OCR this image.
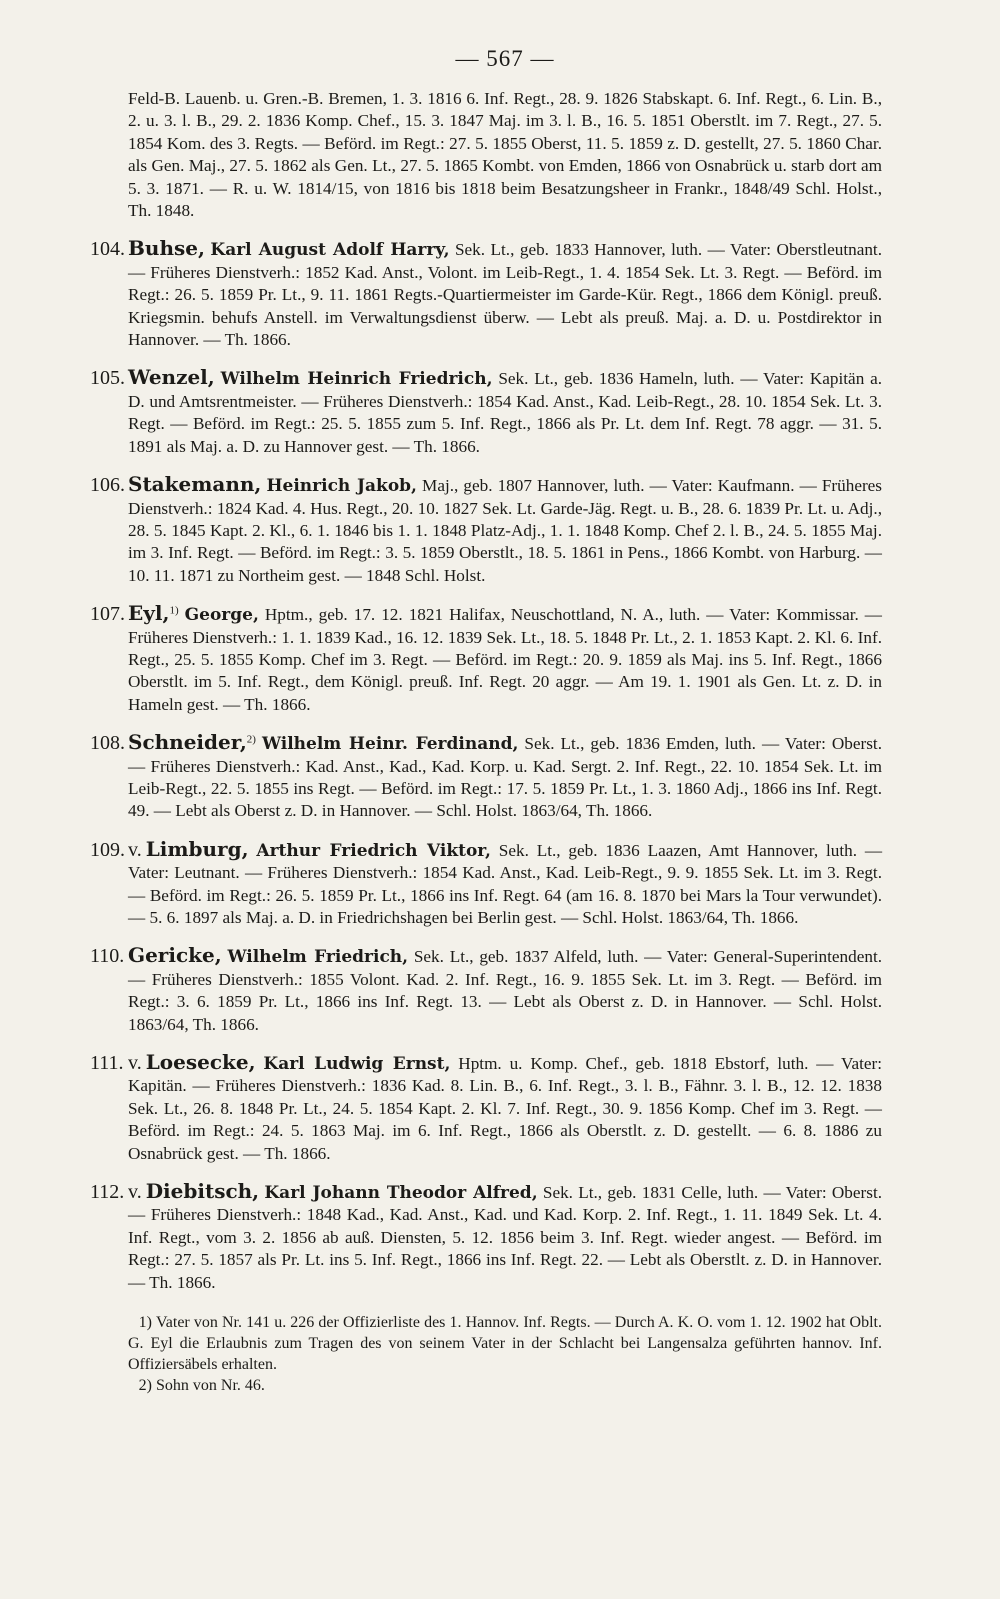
— 567 —

Feld-B. Lauenb. u. Gren.-B. Bremen, 1. 3. 1816 6. Inf. Regt., 28. 9. 1826 Stabskapt. 6. Inf. Regt., 6. Lin. B., 2. u. 3. l. B., 29. 2. 1836 Komp. Chef., 15. 3. 1847 Maj. im 3. l. B., 16. 5. 1851 Oberstlt. im 7. Regt., 27. 5. 1854 Kom. des 3. Regts. — Beförd. im Regt.: 27. 5. 1855 Oberst, 11. 5. 1859 z. D. gestellt, 27. 5. 1860 Char. als Gen. Maj., 27. 5. 1862 als Gen. Lt., 27. 5. 1865 Kombt. von Emden, 1866 von Osnabrück u. starb dort am 5. 3. 1871. — R. u. W. 1814/15, von 1816 bis 1818 beim Besatzungsheer in Frankr., 1848/49 Schl. Holst., Th. 1848.

104. Buhse, Karl August Adolf Harry, Sek. Lt., geb. 1833 Hannover, luth. — Vater: Oberstleutnant. — Früheres Dienstverh.: 1852 Kad. Anst., Volont. im Leib-Regt., 1. 4. 1854 Sek. Lt. 3. Regt. — Beförd. im Regt.: 26. 5. 1859 Pr. Lt., 9. 11. 1861 Regts.-Quartiermeister im Garde-Kür. Regt., 1866 dem Königl. preuß. Kriegsmin. behufs Anstell. im Verwaltungsdienst überw. — Lebt als preuß. Maj. a. D. u. Postdirektor in Hannover. — Th. 1866.

105. Wenzel, Wilhelm Heinrich Friedrich, Sek. Lt., geb. 1836 Hameln, luth. — Vater: Kapitän a. D. und Amtsrentmeister. — Früheres Dienstverh.: 1854 Kad. Anst., Kad. Leib-Regt., 28. 10. 1854 Sek. Lt. 3. Regt. — Beförd. im Regt.: 25. 5. 1855 zum 5. Inf. Regt., 1866 als Pr. Lt. dem Inf. Regt. 78 aggr. — 31. 5. 1891 als Maj. a. D. zu Hannover gest. — Th. 1866.

106. Stakemann, Heinrich Jakob, Maj., geb. 1807 Hannover, luth. — Vater: Kaufmann. — Früheres Dienstverh.: 1824 Kad. 4. Hus. Regt., 20. 10. 1827 Sek. Lt. Garde-Jäg. Regt. u. B., 28. 6. 1839 Pr. Lt. u. Adj., 28. 5. 1845 Kapt. 2. Kl., 6. 1. 1846 bis 1. 1. 1848 Platz-Adj., 1. 1. 1848 Komp. Chef 2. l. B., 24. 5. 1855 Maj. im 3. Inf. Regt. — Beförd. im Regt.: 3. 5. 1859 Oberstlt., 18. 5. 1861 in Pens., 1866 Kombt. von Harburg. — 10. 11. 1871 zu Northeim gest. — 1848 Schl. Holst.

107. Eyl,$^{1)}$ George, Hptm., geb. 17. 12. 1821 Halifax, Neuschottland, N. A., luth. — Vater: Kommissar. — Früheres Dienstverh.: 1. 1. 1839 Kad., 16. 12. 1839 Sek. Lt., 18. 5. 1848 Pr. Lt., 2. 1. 1853 Kapt. 2. Kl. 6. Inf. Regt., 25. 5. 1855 Komp. Chef im 3. Regt. — Beförd. im Regt.: 20. 9. 1859 als Maj. ins 5. Inf. Regt., 1866 Oberstlt. im 5. Inf. Regt., dem Königl. preuß. Inf. Regt. 20 aggr. — Am 19. 1. 1901 als Gen. Lt. z. D. in Hameln gest. — Th. 1866.

108. Schneider,$^{2)}$ Wilhelm Heinr. Ferdinand, Sek. Lt., geb. 1836 Emden, luth. — Vater: Oberst. — Früheres Dienstverh.: Kad. Anst., Kad., Kad. Korp. u. Kad. Sergt. 2. Inf. Regt., 22. 10. 1854 Sek. Lt. im Leib-Regt., 22. 5. 1855 ins Regt. — Beförd. im Regt.: 17. 5. 1859 Pr. Lt., 1. 3. 1860 Adj., 1866 ins Inf. Regt. 49. — Lebt als Oberst z. D. in Hannover. — Schl. Holst. 1863/64, Th. 1866.

109. v. Limburg, Arthur Friedrich Viktor, Sek. Lt., geb. 1836 Laazen, Amt Hannover, luth. — Vater: Leutnant. — Früheres Dienstverh.: 1854 Kad. Anst., Kad. Leib-Regt., 9. 9. 1855 Sek. Lt. im 3. Regt. — Beförd. im Regt.: 26. 5. 1859 Pr. Lt., 1866 ins Inf. Regt. 64 (am 16. 8. 1870 bei Mars la Tour verwundet). — 5. 6. 1897 als Maj. a. D. in Friedrichshagen bei Berlin gest. — Schl. Holst. 1863/64, Th. 1866.

110. Gericke, Wilhelm Friedrich, Sek. Lt., geb. 1837 Alfeld, luth. — Vater: General-Superintendent. — Früheres Dienstverh.: 1855 Volont. Kad. 2. Inf. Regt., 16. 9. 1855 Sek. Lt. im 3. Regt. — Beförd. im Regt.: 3. 6. 1859 Pr. Lt., 1866 ins Inf. Regt. 13. — Lebt als Oberst z. D. in Hannover. — Schl. Holst. 1863/64, Th. 1866.

111. v. Loesecke, Karl Ludwig Ernst, Hptm. u. Komp. Chef., geb. 1818 Ebstorf, luth. — Vater: Kapitän. — Früheres Dienstverh.: 1836 Kad. 8. Lin. B., 6. Inf. Regt., 3. l. B., Fähnr. 3. l. B., 12. 12. 1838 Sek. Lt., 26. 8. 1848 Pr. Lt., 24. 5. 1854 Kapt. 2. Kl. 7. Inf. Regt., 30. 9. 1856 Komp. Chef im 3. Regt. — Beförd. im Regt.: 24. 5. 1863 Maj. im 6. Inf. Regt., 1866 als Oberstlt. z. D. gestellt. — 6. 8. 1886 zu Osnabrück gest. — Th. 1866.

112. v. Diebitsch, Karl Johann Theodor Alfred, Sek. Lt., geb. 1831 Celle, luth. — Vater: Oberst. — Früheres Dienstverh.: 1848 Kad., Kad. Anst., Kad. und Kad. Korp. 2. Inf. Regt., 1. 11. 1849 Sek. Lt. 4. Inf. Regt., vom 3. 2. 1856 ab auß. Diensten, 5. 12. 1856 beim 3. Inf. Regt. wieder angest. — Beförd. im Regt.: 27. 5. 1857 als Pr. Lt. ins 5. Inf. Regt., 1866 ins Inf. Regt. 22. — Lebt als Oberstlt. z. D. in Hannover. — Th. 1866.

1) Vater von Nr. 141 u. 226 der Offizierliste des 1. Hannov. Inf. Regts. — Durch A. K. O. vom 1. 12. 1902 hat Oblt. G. Eyl die Erlaubnis zum Tragen des von seinem Vater in der Schlacht bei Langensalza geführten hannov. Inf. Offiziersäbels erhalten.

2) Sohn von Nr. 46.
